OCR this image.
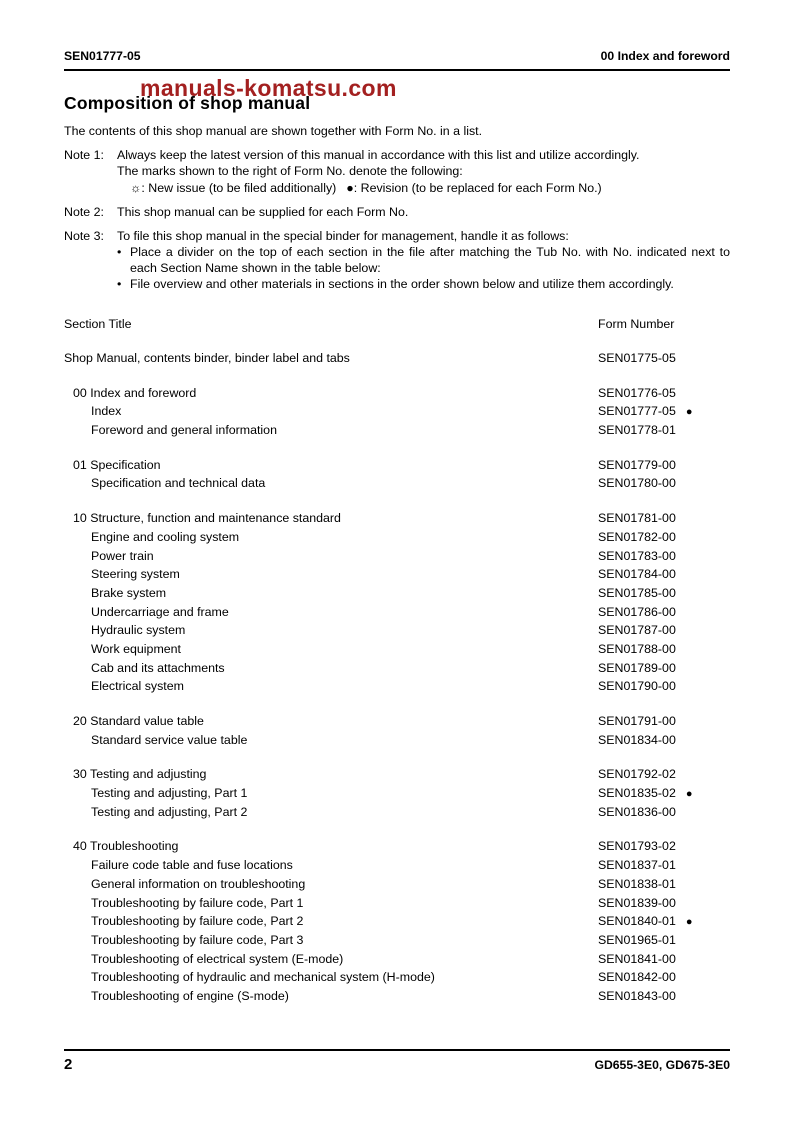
manuals-komatsu.com
SEN01777-05	00 Index and foreword
Composition of shop manual

The contents of this shop manual are shown together with Form No. in a list.

Note 1:	Always keep the latest version of this manual in accordance with this list and utilize accordingly.
The marks shown to the right of Form No. denote the following:
☼: New issue (to be filed additionally) ●: Revision (to be replaced for each Form No.)
Note 2:	This shop manual can be supplied for each Form No.
Note 3:	To file this shop manual in the special binder for management, handle it as follows:
• Place a divider on the top of each section in the file after matching the Tub No. with No. indicated next to each Section Name shown in the table below:
• File overview and other materials in sections in the order shown below and utilize them accordingly.
Section Title	Form Number
Shop Manual, contents binder, binder label and tabs	SEN01775-05
00 Index and foreword	SEN01776-05
Index	SEN01777-05 ●
Foreword and general information	SEN01778-01
01 Specification	SEN01779-00
Specification and technical data	SEN01780-00
10 Structure, function and maintenance standard	SEN01781-00
Engine and cooling system	SEN01782-00
Power train	SEN01783-00
Steering system	SEN01784-00
Brake system	SEN01785-00
Undercarriage and frame	SEN01786-00
Hydraulic system	SEN01787-00
Work equipment	SEN01788-00
Cab and its attachments	SEN01789-00
Electrical system	SEN01790-00
20 Standard value table	SEN01791-00
Standard service value table	SEN01834-00
30 Testing and adjusting	SEN01792-02
Testing and adjusting, Part 1	SEN01835-02 ●
Testing and adjusting, Part 2	SEN01836-00
40 Troubleshooting	SEN01793-02
Failure code table and fuse locations	SEN01837-01
General information on troubleshooting	SEN01838-01
Troubleshooting by failure code, Part 1	SEN01839-00
Troubleshooting by failure code, Part 2	SEN01840-01 ●
Troubleshooting by failure code, Part 3	SEN01965-01
Troubleshooting of electrical system (E-mode)	SEN01841-00
Troubleshooting of hydraulic and mechanical system (H-mode)	SEN01842-00
Troubleshooting of engine (S-mode)	SEN01843-00
2	GD655-3E0, GD675-3E0
